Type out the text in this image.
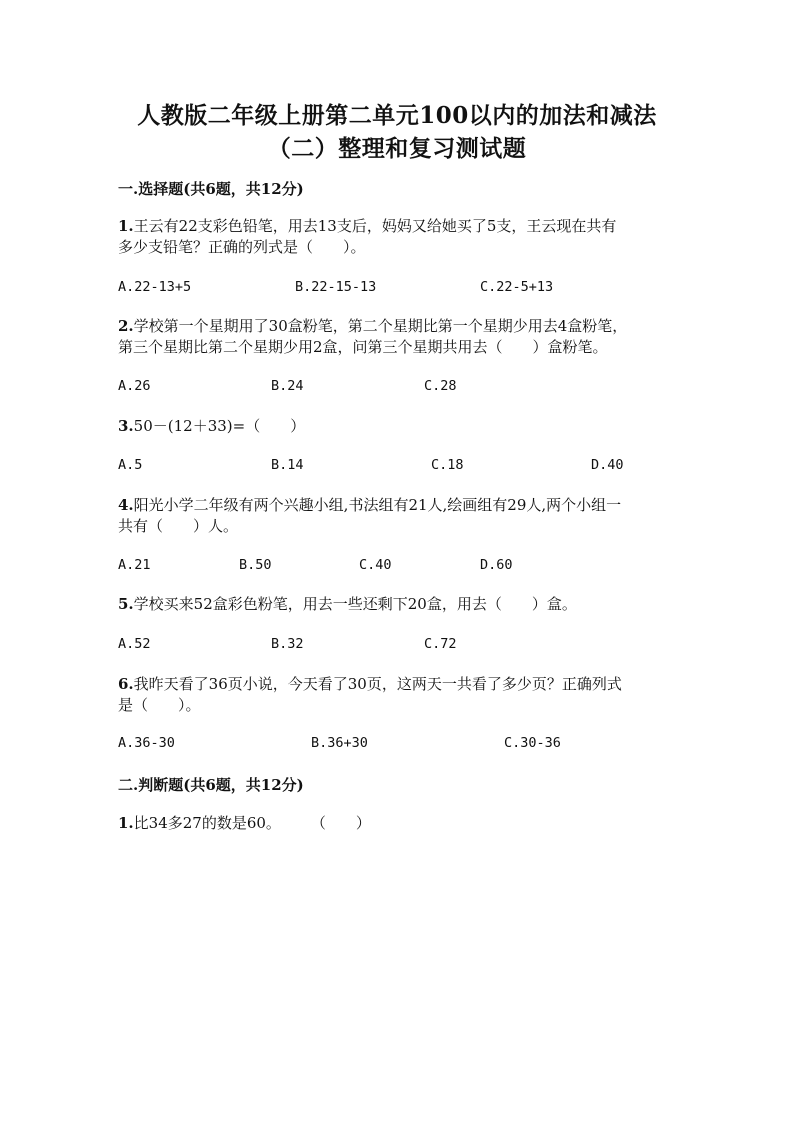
人教版二年级上册第二单元100以内的加法和减法
（二）整理和复习测试题
一.选择题(共6题，共12分)
1.王云有22支彩色铅笔，用去13支后，妈妈又给她买了5支，王云现在共有
多少支铅笔？正确的列式是（　　）。
A.22-13+5	B.22-15-13	C.22-5+13
2.学校第一个星期用了30盒粉笔，第二个星期比第一个星期少用去4盒粉笔，
第三个星期比第二个星期少用2盒，问第三个星期共用去（　　）盒粉笔。
A.26	B.24	C.28
3.50－(12＋33)=（　　）
A.5	B.14	C.18	D.40
4.阳光小学二年级有两个兴趣小组,书法组有21人,绘画组有29人,两个小组一
共有（　　）人。
A.21	B.50	C.40	D.60
5.学校买来52盒彩色粉笔，用去一些还剩下20盒，用去（　　）盒。
A.52	B.32	C.72
6.我昨天看了36页小说，今天看了30页，这两天一共看了多少页？正确列式
是（　　）。
A.36-30	B.36+30	C.30-36
二.判断题(共6题，共12分)
1.比34多27的数是60。　　　（　　）
